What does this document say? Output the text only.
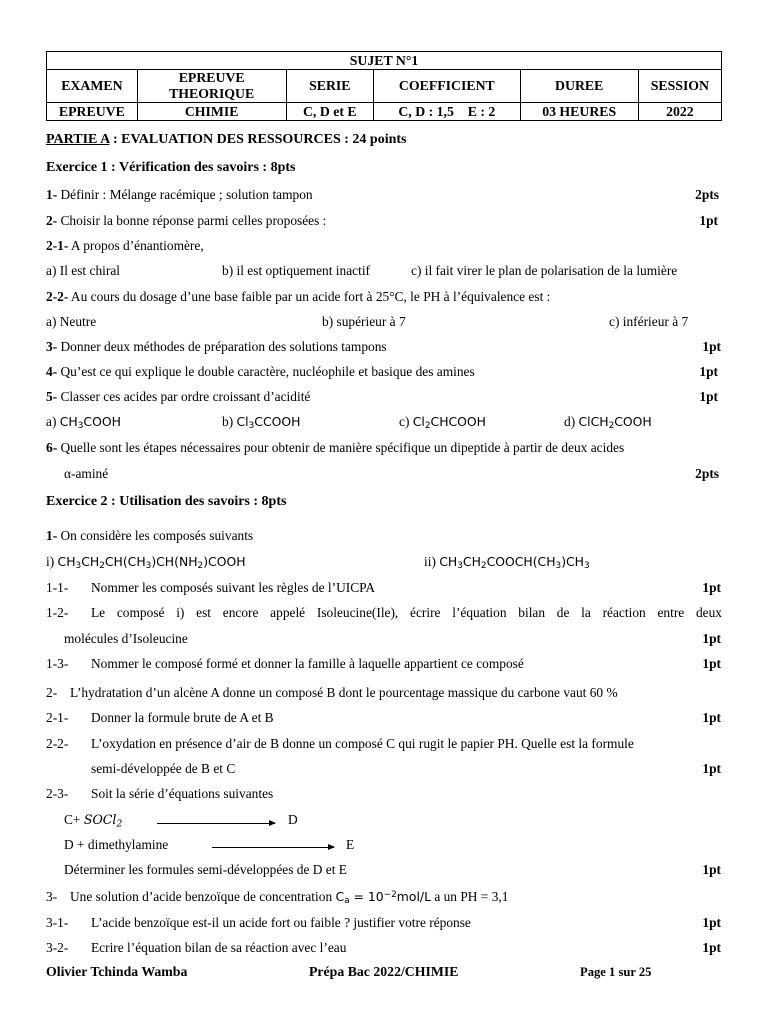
SUJET N°1					
EXAMEN	EPREUVE THEORIQUE	SERIE	COEFFICIENT	DUREE	SESSION
EPREUVE	CHIMIE	C, D et E	C, D : 1,5    E : 2	03 HEURES	2022
PARTIE A : EVALUATION DES RESSOURCES : 24 points
Exercice 1 : Vérification des savoirs : 8pts
1- Définir : Mélange racémique ; solution tampon	2pts
2- Choisir la bonne réponse parmi celles proposées :	1pt
2-1- A propos d’énantiomère,
a) Il est chiral	b) il est optiquement inactif	c) il fait virer le plan de polarisation de la lumière
2-2- Au cours du dosage d’une base faible par un acide fort à 25°C, le PH à l’équivalence est :
a) Neutre	b) supérieur à 7	c) inférieur à 7
3- Donner deux méthodes de préparation des solutions tampons	1pt
4- Qu’est ce qui explique le double caractère, nucléophile et basique des amines	1pt
5- Classer ces acides par ordre croissant d’acidité	1pt
a) $CH_3COOH$	b) $Cl_3CCOOH$	c) $Cl_2CHCOOH$	d) ClCH$_2$COOH
6- Quelle sont les étapes nécessaires pour obtenir de manière spécifique un dipeptide à partir de deux acides
α-aminé	2pts
Exercice 2 : Utilisation des savoirs : 8pts
1- On considère les composés suivants
i) $CH_3CH_2CH(CH_3)CH(NH_2)COOH$	ii) $CH_3CH_2COOCH(CH_3)CH_3$
1-1- Nommer les composés suivant les règles de l’UICPA	1pt
1-2- Le composé i) est encore appelé Isoleucine(Ile), écrire l’équation bilan de la réaction entre deux
molécules d’Isoleucine	1pt
1-3- Nommer le composé formé et donner la famille à laquelle appartient ce composé	1pt
2- L’hydratation d’un alcène A donne un composé B dont le pourcentage massique du carbone vaut 60 %
2-1- Donner la formule brute de A et B	1pt
2-2- L’oxydation en présence d’air de B donne un composé C qui rugit le papier PH. Quelle est la formule
semi-développée de B et C	1pt
2-3- Soit la série d’équations suivantes
C+ SOCl$_2$	D
D + dimethylamine	E
Déterminer les formules semi-développées de D et E	1pt
3- Une solution d’acide benzoïque de concentration $C_a = 10^{-2}mol/L$ a un PH = 3,1
3-1- L’acide benzoïque est-il un acide fort ou faible ? justifier votre réponse	1pt
3-2- Ecrire l’équation bilan de sa réaction avec l’eau	1pt
Olivier Tchinda Wamba	Prépa Bac 2022/CHIMIE	Page 1 sur 25
